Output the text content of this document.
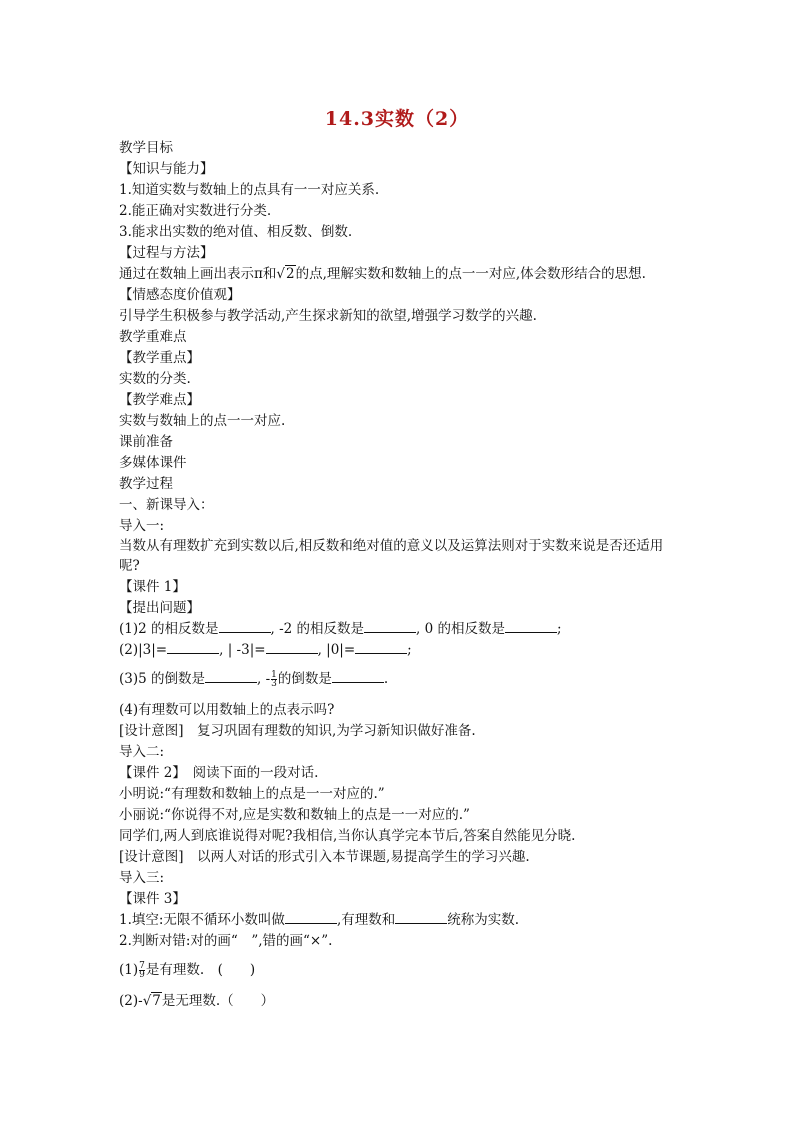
14.3实数（2）
教学目标
【知识与能力】
1.知道实数与数轴上的点具有一一对应关系.
2.能正确对实数进行分类.
3.能求出实数的绝对值、相反数、倒数.
【过程与方法】
通过在数轴上画出表示π和√2的点,理解实数和数轴上的点一一对应,体会数形结合的思想.
【情感态度价值观】
引导学生积极参与教学活动,产生探求新知的欲望,增强学习数学的兴趣.
教学重难点
【教学重点】
实数的分类.
【教学难点】
实数与数轴上的点一一对应.
课前准备
多媒体课件
教学过程
一、新课导入：
导入一:
当数从有理数扩充到实数以后,相反数和绝对值的意义以及运算法则对于实数来说是否还适用呢?
【课件 1】
【提出问题】
(1)2 的相反数是	, -2 的相反数是	, 0 的相反数是	;
(2)|3|=	, | -3|=	, |0|=	;
(3)5 的倒数是	, - $\frac{1}{3}$ 的倒数是	.
(4)有理数可以用数轴上的点表示吗?
[设计意图]　复习巩固有理数的知识,为学习新知识做好准备.
导入二:
【课件 2】　阅读下面的一段对话.
小明说:“有理数和数轴上的点是一一对应的.”
小丽说:“你说得不对,应是实数和数轴上的点是一一对应的.”
同学们,两人到底谁说得对呢?我相信,当你认真学完本节后,答案自然能见分晓.
[设计意图]　以两人对话的形式引入本节课题,易提高学生的学习兴趣.
导入三:
【课件 3】
1.填空:无限不循环小数叫做	,有理数和	统称为实数.
2.判断对错:对的画“　”,错的画“×”.
$(1) \frac{7}{9}$ 是有理数.　(　　)
(2)-√7是无理数.（　　）
